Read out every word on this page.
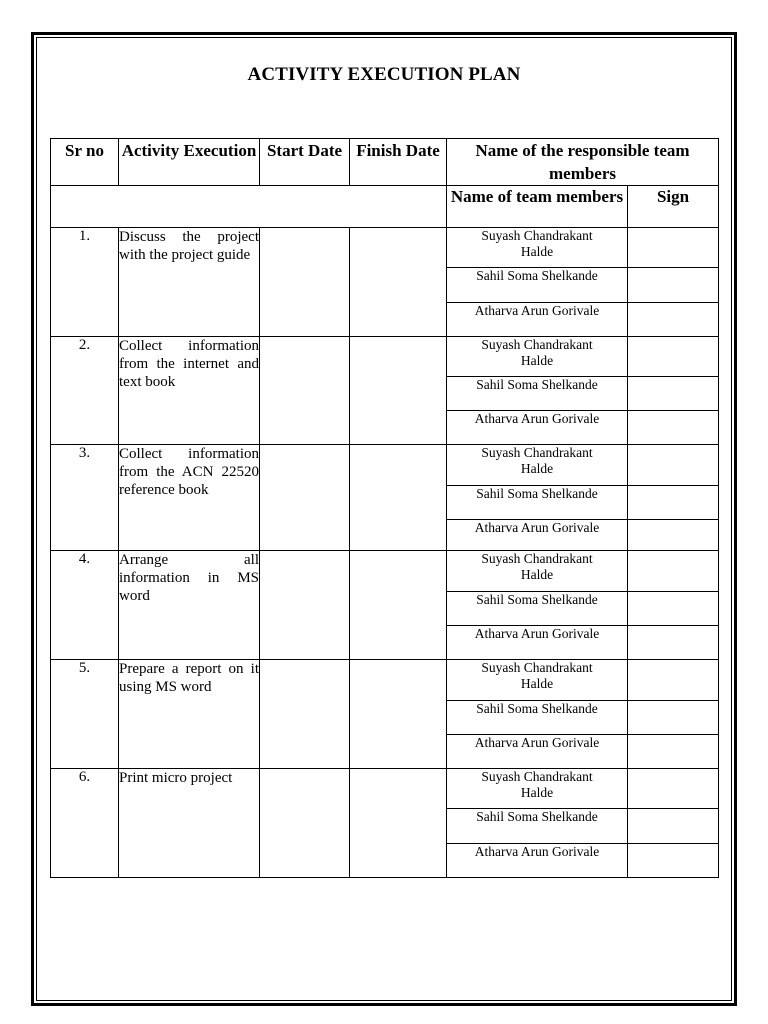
ACTIVITY EXECUTION PLAN
Sr no	Activity Execution	Start Date	Finish Date	Name of the responsible team members	
				Name of team members	Sign
1.	Discuss the project with the project guide			Suyash Chandrakant Halde	
				Sahil Soma Shelkande	
				Atharva Arun Gorivale	
2.	Collect information from the internet and text book			Suyash Chandrakant Halde	
				Sahil Soma Shelkande	
				Atharva Arun Gorivale	
3.	Collect information from the ACN 22520 reference book			Suyash Chandrakant Halde	
				Sahil Soma Shelkande	
				Atharva Arun Gorivale	
4.	Arrange all information in MS word			Suyash Chandrakant Halde	
				Sahil Soma Shelkande	
				Atharva Arun Gorivale	
5.	Prepare a report on it using MS word			Suyash Chandrakant Halde	
				Sahil Soma Shelkande	
				Atharva Arun Gorivale	
6.	Print micro project			Suyash Chandrakant Halde	
				Sahil Soma Shelkande	
				Atharva Arun Gorivale	
